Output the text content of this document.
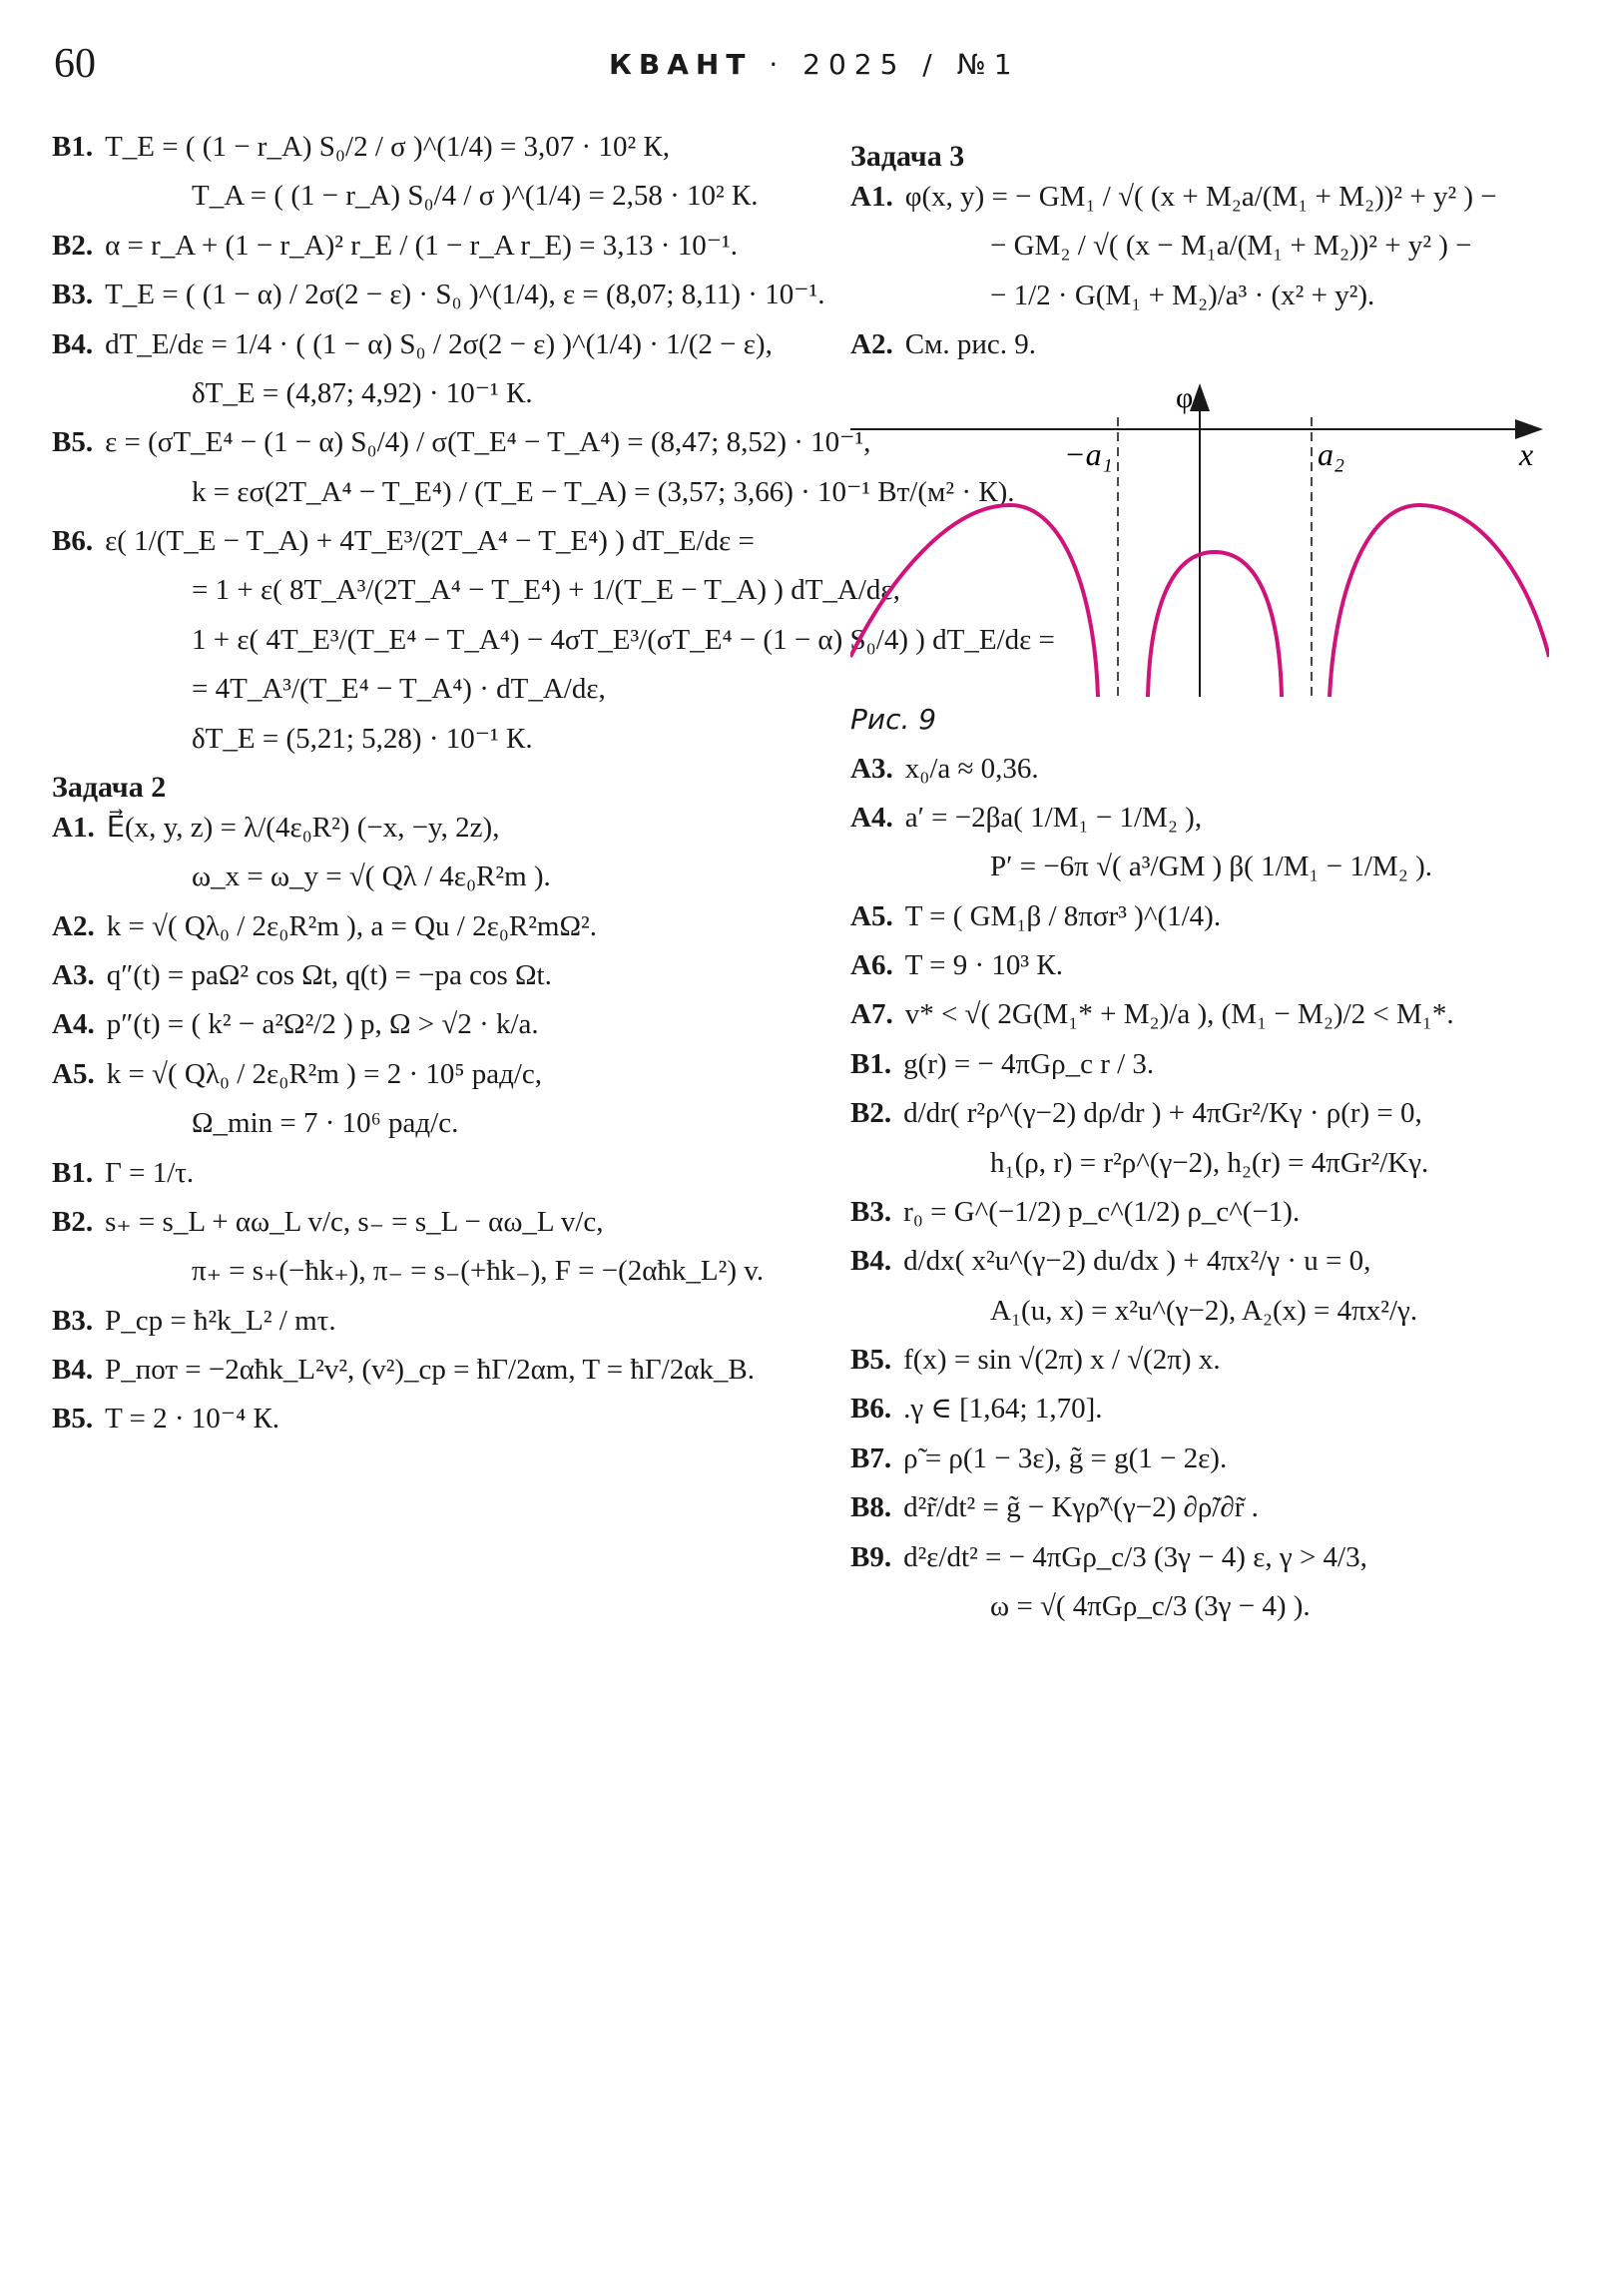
60	КВАНТ · 2025 / №1
B1. T_E = ( (1 − r_A) S₀/2 / σ )^(1/4) = 3,07 · 10² К,
T_A = ( (1 − r_A) S₀/4 / σ )^(1/4) = 2,58 · 10² К.
B2. α = r_A + (1 − r_A)² r_E / (1 − r_A r_E) = 3,13 · 10⁻¹.
B3. T_E = ( (1 − α) / 2σ(2 − ε) · S₀ )^(1/4), ε = (8,07; 8,11) · 10⁻¹.
B4. dT_E/dε = 1/4 · ( (1 − α) S₀ / 2σ(2 − ε) )^(1/4) · 1/(2 − ε),
δT_E = (4,87; 4,92) · 10⁻¹ К.
B5. ε = (σT_E⁴ − (1 − α) S₀/4) / σ(T_E⁴ − T_A⁴) = (8,47; 8,52) · 10⁻¹,
k = εσ(2T_A⁴ − T_E⁴) / (T_E − T_A) = (3,57; 3,66) · 10⁻¹ Вт/(м² · К).
B6. ε( 1/(T_E − T_A) + 4T_E³/(2T_A⁴ − T_E⁴) ) dT_E/dε =
= 1 + ε( 8T_A³/(2T_A⁴ − T_E⁴) + 1/(T_E − T_A) ) dT_A/dε,
1 + ε( 4T_E³/(T_E⁴ − T_A⁴) − 4σT_E³/(σT_E⁴ − (1 − α) S₀/4) ) dT_E/dε =
= 4T_A³/(T_E⁴ − T_A⁴) · dT_A/dε,
δT_E = (5,21; 5,28) · 10⁻¹ К.
Задача 2
A1. E⃗(x, y, z) = λ/(4ε₀R²) (−x, −y, 2z),
ω_x = ω_y = √( Qλ / 4ε₀R²m ).
A2. k = √( Qλ₀ / 2ε₀R²m ), a = Qu / 2ε₀R²mΩ².
A3. q″(t) = paΩ² cos Ωt, q(t) = −pa cos Ωt.
A4. p″(t) = ( k² − a²Ω²/2 ) p, Ω > √2 · k/a.
A5. k = √( Qλ₀ / 2ε₀R²m ) = 2 · 10⁵ рад/с,
Ω_min = 7 · 10⁶ рад/с.
B1. Γ = 1/τ.
B2. s₊ = s_L + αω_L v/c, s₋ = s_L − αω_L v/c,
π₊ = s₊(−ħk₊), π₋ = s₋(+ħk₋), F = −(2αħk_L²) v.
B3. P_ср = ħ²k_L² / mτ.
B4. P_пот = −2αħk_L²v², (v²)_ср = ħΓ/2αm, T = ħΓ/2αk_B.
B5. T = 2 · 10⁻⁴ К.
Задача 3
A1. φ(x, y) = − GM₁ / √( (x + M₂a/(M₁ + M₂))² + y² ) −
− GM₂ / √( (x − M₁a/(M₁ + M₂))² + y² ) −
− 1/2 · G(M₁ + M₂)/a³ · (x² + y²).
A2. См. рис. 9.
φ
x
−a₁	a₂
Рис. 9
A3. x₀/a ≈ 0,36.
A4. a′ = −2βa( 1/M₁ − 1/M₂ ),
P′ = −6π √( a³/GM ) β( 1/M₁ − 1/M₂ ).
A5. T = ( GM₁β / 8πσr³ )^(1/4).
A6. T = 9 · 10³ К.
A7. v* < √( 2G(M₁* + M₂)/a ), (M₁ − M₂)/2 < M₁*.
B1. g(r) = − 4πGρ_c r / 3.
B2. d/dr( r²ρ^(γ−2) dρ/dr ) + 4πGr²/Kγ · ρ(r) = 0,
h₁(ρ, r) = r²ρ^(γ−2), h₂(r) = 4πGr²/Kγ.
B3. r₀ = G^(−1/2) p_c^(1/2) ρ_c^(−1).
B4. d/dx( x²u^(γ−2) du/dx ) + 4πx²/γ · u = 0,
A₁(u, x) = x²u^(γ−2), A₂(x) = 4πx²/γ.
B5. f(x) = sin √(2π) x / √(2π) x.
B6. .γ ∈ [1,64; 1,70].
B7. ρ̃ = ρ(1 − 3ε), g̃ = g(1 − 2ε).
B8. d²r̃/dt² = g̃ − Kγρ̃^(γ−2) ∂ρ̃/∂r̃ .
B9. d²ε/dt² = − 4πGρ_c/3 (3γ − 4) ε, γ > 4/3,
ω = √( 4πGρ_c/3 (3γ − 4) ).
